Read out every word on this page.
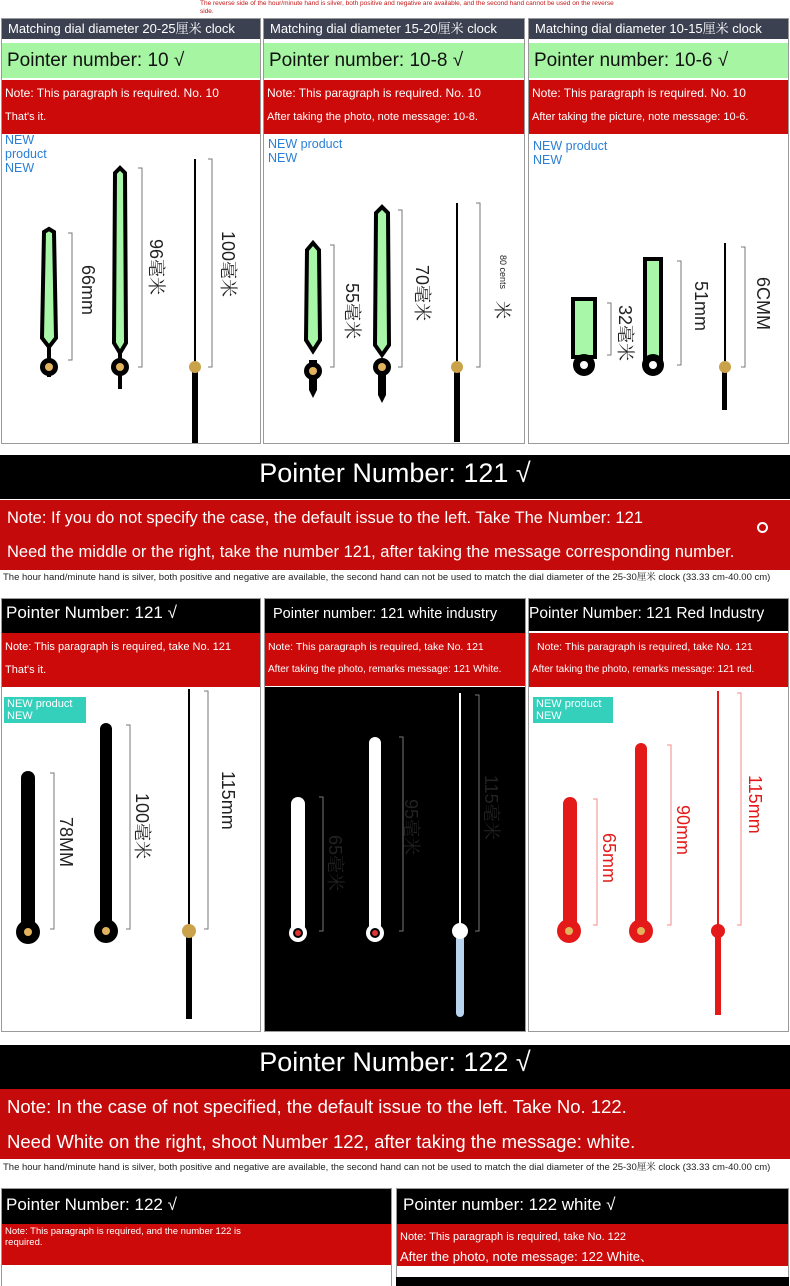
The reverse side of the hour/minute hand is silver, both positive and negative are available, and the second hand cannot be used on the reverse side.
Matching dial diameter 20-25厘米 clock
Pointer number: 10 √
Note: This paragraph is required. No. 10
That's it.
NEW
product
NEW
66mm	96毫米	100毫米
Matching dial diameter 15-20厘米 clock
Pointer number: 10-8 √
Note: This paragraph is required. No. 10
After taking the photo, note message: 10-8.
NEW product
NEW
55毫米	70毫米	80 cents
米
Matching dial diameter 10-15厘米 clock
Pointer number: 10-6 √
Note: This paragraph is required. No. 10
After taking the picture, note message: 10-6.
NEW product
NEW
32毫米	51mm 6CMM
Pointer Number: 121 √
Note: If you do not specify the case, the default issue to the left. Take The Number: 121
Need the middle or the right, take the number 121, after taking the message corresponding number.
The hour hand/minute hand is silver, both positive and negative are available, the second hand can not be used to match the dial diameter of the 25-30厘米 clock (33.33 cm-40.00 cm)
Pointer Number: 121 √
Note: This paragraph is required, take No. 121
That's it.
NEW product
NEW
78MM	100毫米	115mm
Pointer number: 121 white industry
Note: This paragraph is required, take No. 121
After taking the photo, remarks message: 121 White.
65毫米
95毫米	115毫米
Pointer Number: 121 Red Industry
Note: This paragraph is required, take No. 121
After taking the photo, remarks message: 121 red.
NEW product
NEW
65mm
90mm	115mm
Pointer Number: 122 √
Note: In the case of not specified, the default issue to the left. Take No. 122.
Need White on the right, shoot Number 122, after taking the message: white.
The hour hand/minute hand is silver, both positive and negative are available, the second hand can not be used to match the dial diameter of the 25-30厘米 clock (33.33 cm-40.00 cm)
Pointer Number: 122 √
Note: This paragraph is required, and the number 122 is required.
Pointer number: 122 white √
Note: This paragraph is required, take No. 122
After the photo, note message: 122 White、
